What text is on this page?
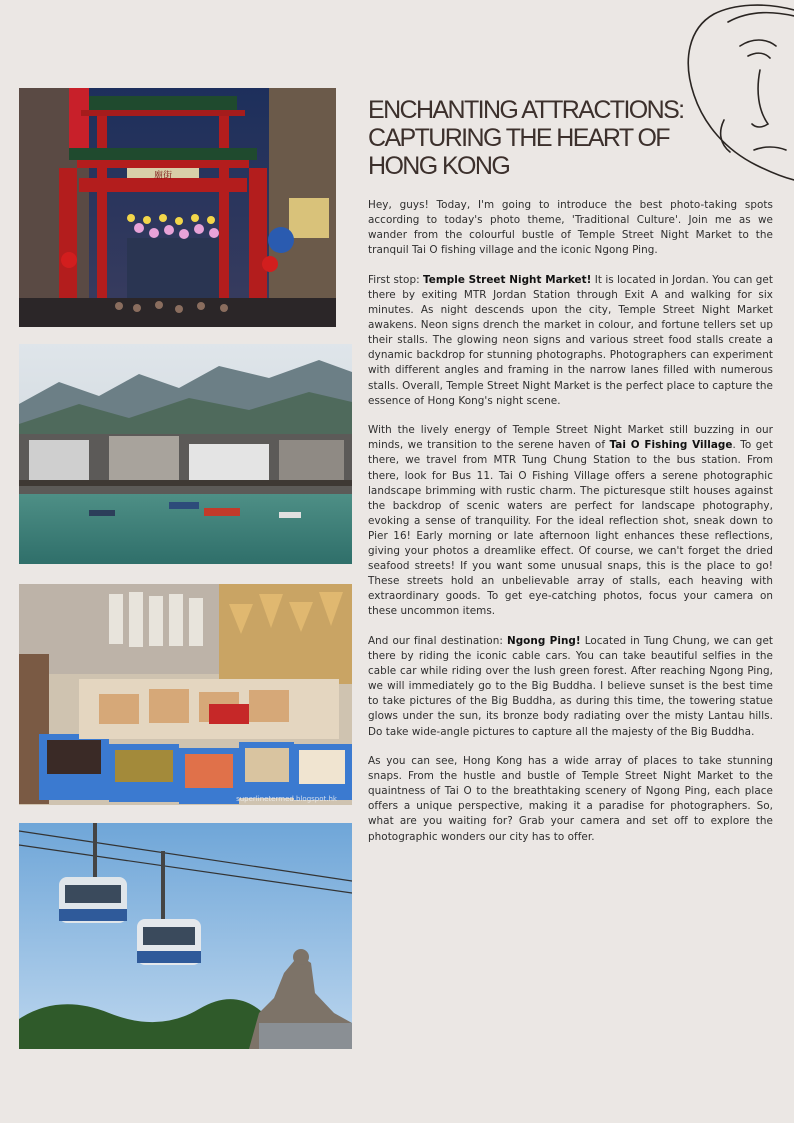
廟街
superlinetermed.blogspot.hk
ENCHANTING ATTRACTIONS: CAPTURING THE HEART OF HONG KONG

Hey, guys! Today, I'm going to introduce the best photo-taking spots according to today's photo theme, 'Traditional Culture'. Join me as we wander from the colourful bustle of Temple Street Night Market to the tranquil Tai O fishing village and the iconic Ngong Ping.

First stop: Temple Street Night Market! It is located in Jordan. You can get there by exiting MTR Jordan Station through Exit A and walking for six minutes. As night descends upon the city, Temple Street Night Market awakens. Neon signs drench the market in colour, and fortune tellers set up their stalls. The glowing neon signs and various street food stalls create a dynamic backdrop for stunning photographs. Photographers can experiment with different angles and framing in the narrow lanes filled with numerous stalls. Overall, Temple Street Night Market is the perfect place to capture the essence of Hong Kong's night scene.

With the lively energy of Temple Street Night Market still buzzing in our minds, we transition to the serene haven of Tai O Fishing Village. To get there, we travel from MTR Tung Chung Station to the bus station. From there, look for Bus 11. Tai O Fishing Village offers a serene photographic landscape brimming with rustic charm. The picturesque stilt houses against the backdrop of scenic waters are perfect for landscape photography, evoking a sense of tranquility. For the ideal reflection shot, sneak down to Pier 16! Early morning or late afternoon light enhances these reflections, giving your photos a dreamlike effect. Of course, we can't forget the dried seafood streets! If you want some unusual snaps, this is the place to go! These streets hold an unbelievable array of stalls, each heaving with extraordinary goods. To get eye-catching photos, focus your camera on these uncommon items.

And our final destination: Ngong Ping! Located in Tung Chung, we can get there by riding the iconic cable cars. You can take beautiful selfies in the cable car while riding over the lush green forest. After reaching Ngong Ping, we will immediately go to the Big Buddha. I believe sunset is the best time to take pictures of the Big Buddha, as during this time, the towering statue glows under the sun, its bronze body radiating over the misty Lantau hills. Do take wide-angle pictures to capture all the majesty of the Big Buddha.

As you can see, Hong Kong has a wide array of places to take stunning snaps. From the hustle and bustle of Temple Street Night Market to the quaintness of Tai O to the breathtaking scenery of Ngong Ping, each place offers a unique perspective, making it a paradise for photographers. So, what are you waiting for? Grab your camera and set off to explore the photographic wonders our city has to offer.
